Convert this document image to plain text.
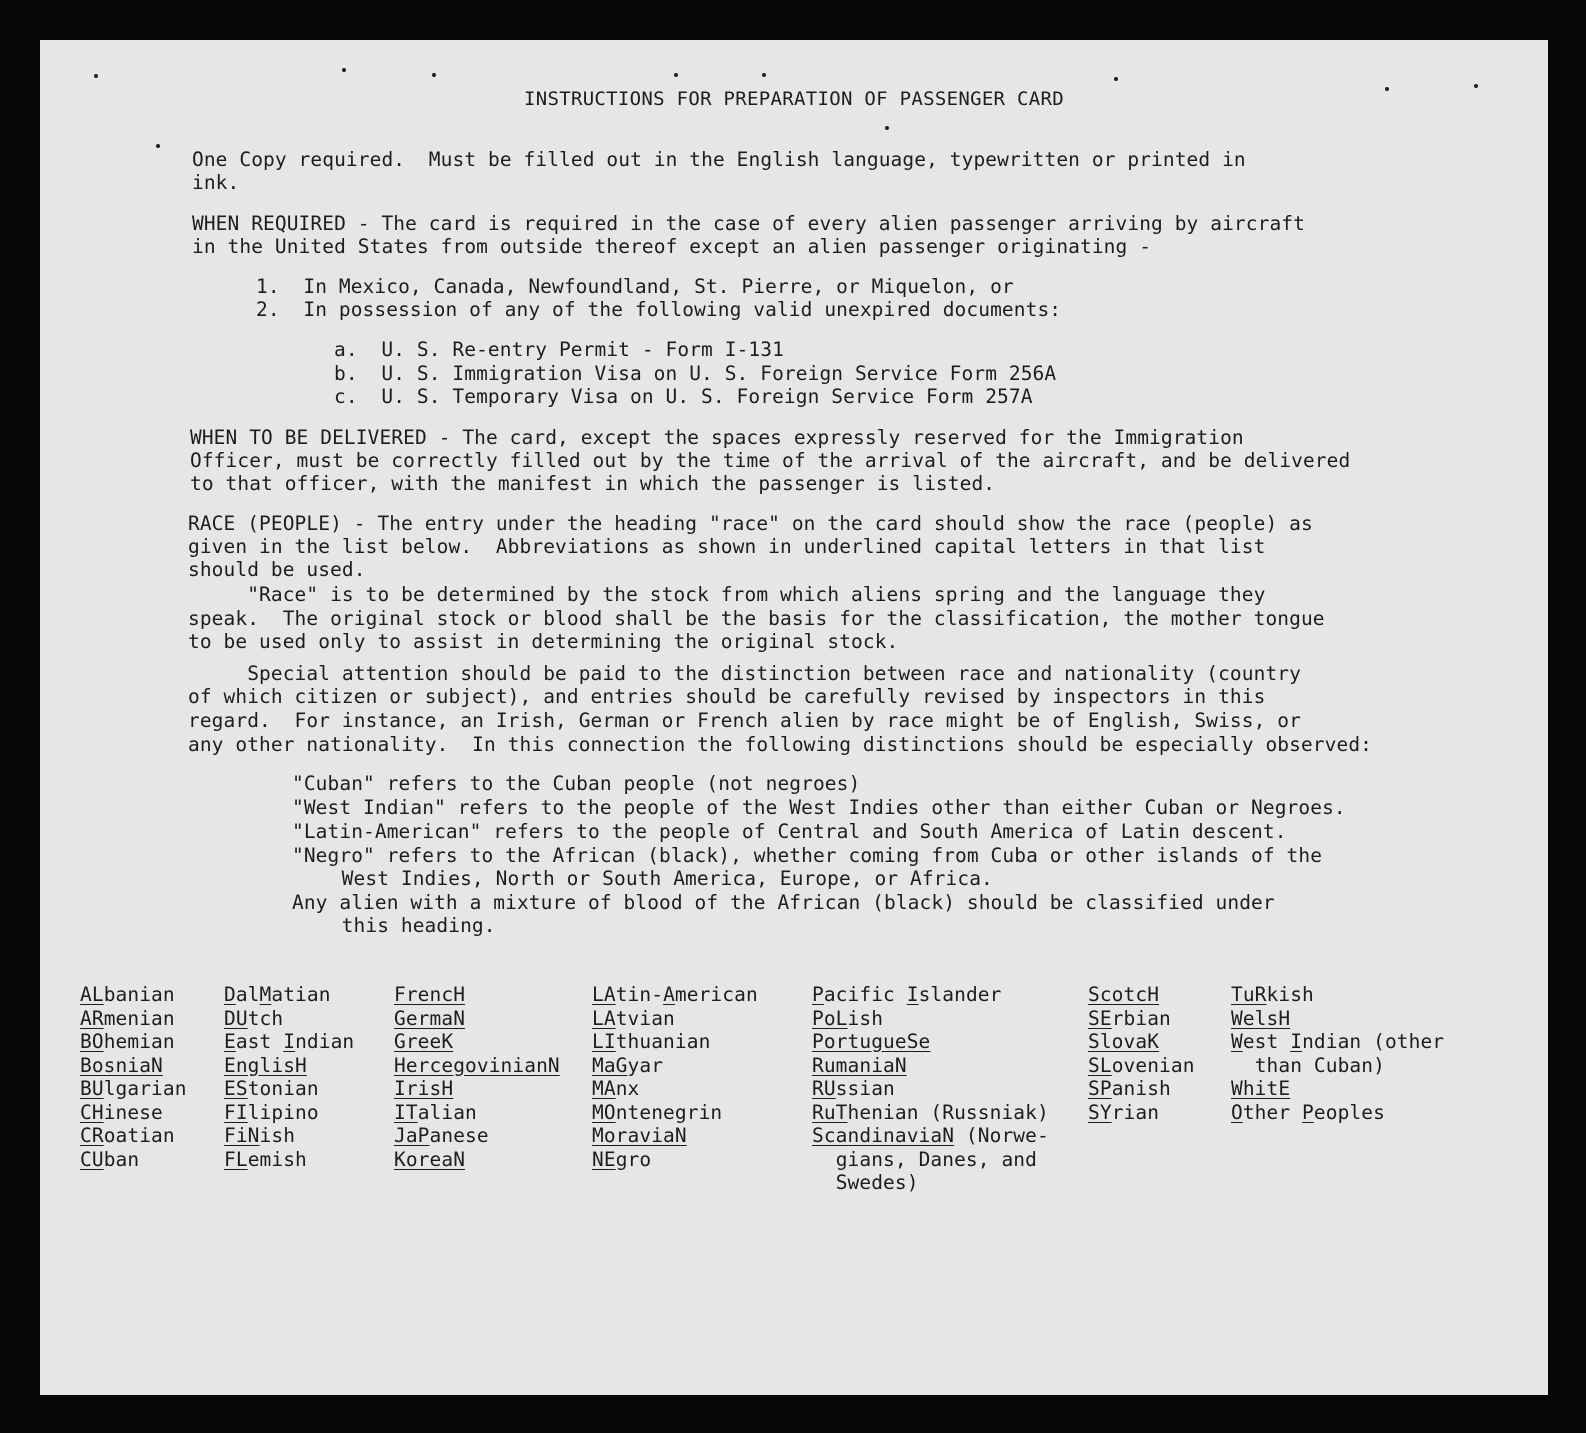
INSTRUCTIONS FOR PREPARATION OF PASSENGER CARD
One Copy required.  Must be filled out in the English language, typewritten or printed in
ink.
WHEN REQUIRED - The card is required in the case of every alien passenger arriving by aircraft
in the United States from outside thereof except an alien passenger originating -
1.  In Mexico, Canada, Newfoundland, St. Pierre, or Miquelon, or
2.  In possession of any of the following valid unexpired documents:
a.  U. S. Re-entry Permit - Form I-131
b.  U. S. Immigration Visa on U. S. Foreign Service Form 256A
c.  U. S. Temporary Visa on U. S. Foreign Service Form 257A
WHEN TO BE DELIVERED - The card, except the spaces expressly reserved for the Immigration
Officer, must be correctly filled out by the time of the arrival of the aircraft, and be delivered
to that officer, with the manifest in which the passenger is listed.
RACE (PEOPLE) - The entry under the heading "race" on the card should show the race (people) as
given in the list below.  Abbreviations as shown in underlined capital letters in that list
should be used.
"Race" is to be determined by the stock from which aliens spring and the language they
speak.  The original stock or blood shall be the basis for the classification, the mother tongue
to be used only to assist in determining the original stock.
Special attention should be paid to the distinction between race and nationality (country
of which citizen or subject), and entries should be carefully revised by inspectors in this
regard.  For instance, an Irish, German or French alien by race might be of English, Swiss, or
any other nationality.  In this connection the following distinctions should be especially observed:
"Cuban" refers to the Cuban people (not negroes)
"West Indian" refers to the people of the West Indies other than either Cuban or Negroes.
"Latin-American" refers to the people of Central and South America of Latin descent.
"Negro" refers to the African (black), whether coming from Cuba or other islands of the
West Indies, North or South America, Europe, or Africa.
Any alien with a mixture of blood of the African (black) should be classified under
this heading.
ALbanian
ARmenian
BOhemian
BosniaN
BUlgarian
CHinese
CRoatian
CUban
DalMatian
DUtch
East Indian
EnglisH
EStonian
FIlipino
FiNish
FLemish
FrencH
GermaN
GreeK
HercegovinianN
IrisH
ITalian
JaPanese
KoreaN
LAtin-American
LAtvian
LIthuanian
MaGyar
MAnx
MOntenegrin
MoraviaN
NEgro
Pacific Islander
PoLish
PortugueSe
RumaniaN
RUssian
RuThenian (Russniak)
ScandinaviaN (Norwe-
gians, Danes, and
Swedes)
ScotcH
SErbian
SlovaK
SLovenian
SPanish
SYrian
TuRkish
WelsH
West Indian (other
than Cuban)
WhitE
Other Peoples
